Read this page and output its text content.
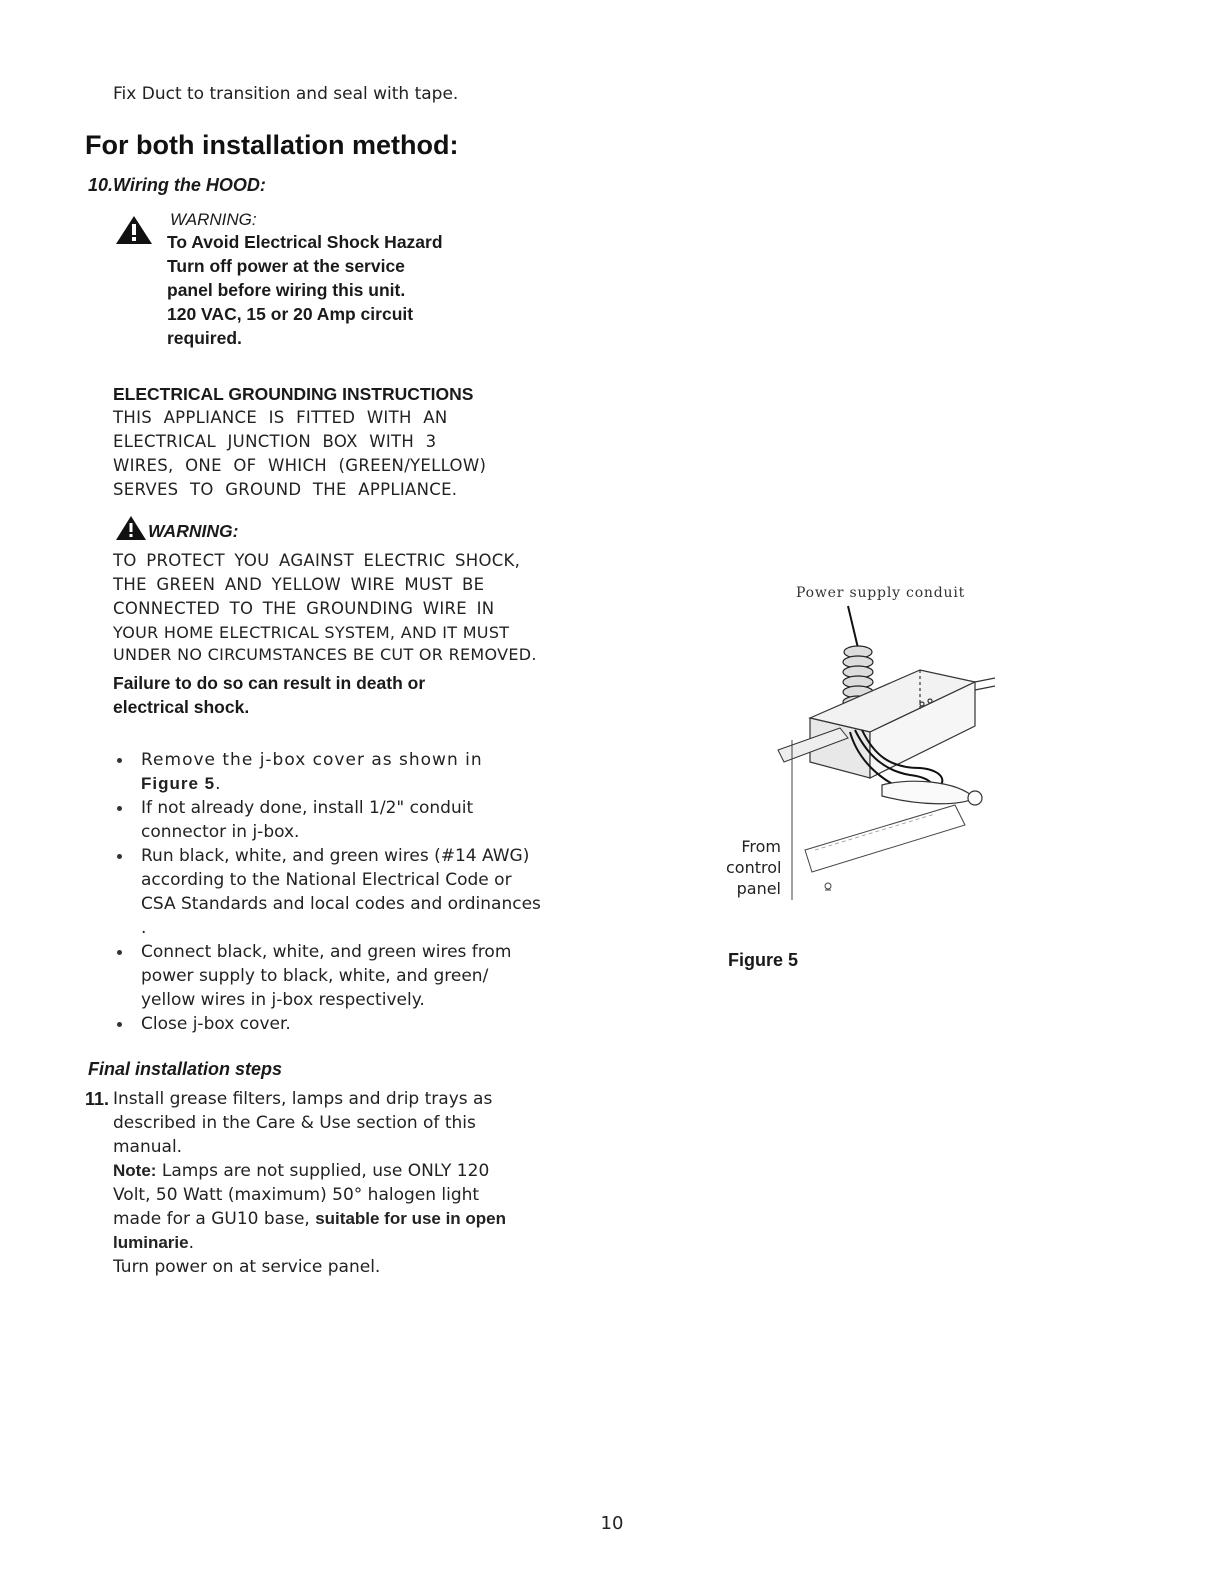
Fix Duct to transition and seal with tape.
For both installation method:
10.Wiring the HOOD:
WARNING:
To Avoid Electrical Shock Hazard
Turn off power at the service
panel before wiring this unit.
120 VAC, 15 or 20 Amp circuit
required.
ELECTRICAL GROUNDING INSTRUCTIONS
THIS APPLIANCE IS FITTED WITH AN
ELECTRICAL JUNCTION BOX WITH 3
WIRES, ONE OF WHICH (GREEN/YELLOW)
SERVES TO GROUND THE APPLIANCE.
WARNING:
TO PROTECT YOU AGAINST ELECTRIC SHOCK,
THE GREEN AND YELLOW WIRE MUST BE
CONNECTED TO THE GROUNDING WIRE IN
YOUR HOME ELECTRICAL SYSTEM, AND IT MUST
UNDER NO CIRCUMSTANCES BE CUT OR REMOVED.
Failure to do so can result in death or
electrical shock.
Remove the j-box cover as shown in
Figure 5.
If not already done, install 1/2" conduit connector in j-box.
Run black, white, and green wires (#14 AWG) according to the National Electrical Code or CSA Standards and local codes and ordinances .
Connect black, white, and green wires from power supply to black, white, and green/ yellow wires in j-box respectively.
Close j-box cover.
Final installation steps
11. Install grease filters, lamps and drip trays as described in the Care & Use section of this manual.
Note: Lamps are not supplied, use ONLY 120 Volt, 50 Watt (maximum) 50° halogen light made for a GU10 base, suitable for use in open luminarie.
Turn power on at service panel.
Power supply conduit
From
control
panel
Figure 5
10
